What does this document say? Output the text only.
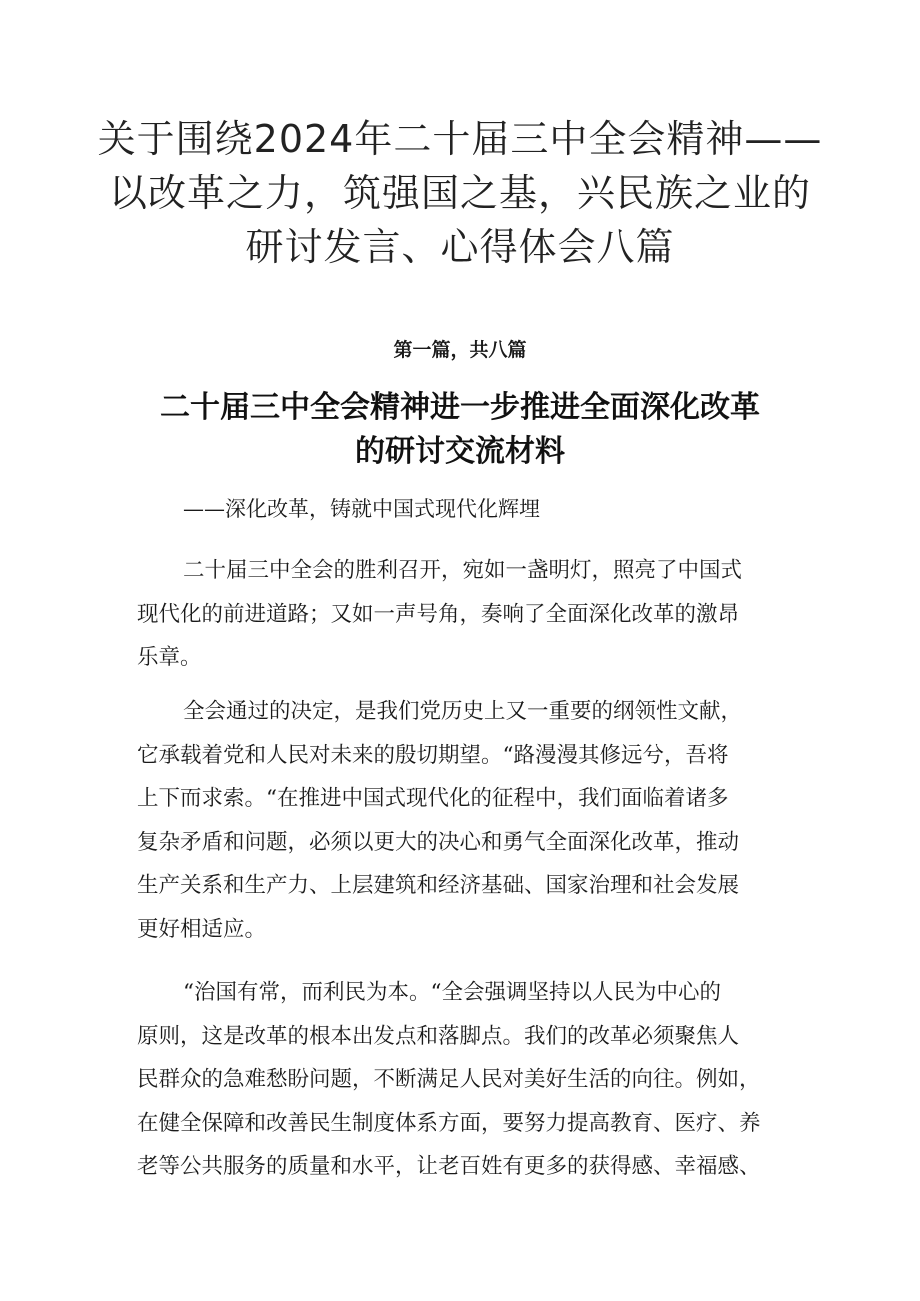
关于围绕2024年二十届三中全会精神——
以改革之力，筑强国之基，兴民族之业的
研讨发言、心得体会八篇
第一篇，共八篇
二十届三中全会精神进一步推进全面深化改革
的研讨交流材料
——深化改革，铸就中国式现代化辉埋
二十届三中全会的胜利召开，宛如一盏明灯，照亮了中国式
现代化的前进道路；又如一声号角，奏响了全面深化改革的激昂
乐章。
全会通过的决定，是我们党历史上又一重要的纲领性文献，
它承载着党和人民对未来的殷切期望。“路漫漫其修远兮，吾将
上下而求索。“在推进中国式现代化的征程中，我们面临着诸多
复杂矛盾和问题，必须以更大的决心和勇气全面深化改革，推动
生产关系和生产力、上层建筑和经济基础、国家治理和社会发展
更好相适应。
“治国有常，而利民为本。“全会强调坚持以人民为中心的
原则，这是改革的根本出发点和落脚点。我们的改革必须聚焦人
民群众的急难愁盼问题，不断满足人民对美好生活的向往。例如，
在健全保障和改善民生制度体系方面，要努力提高教育、医疗、养
老等公共服务的质量和水平，让老百姓有更多的获得感、幸福感、
